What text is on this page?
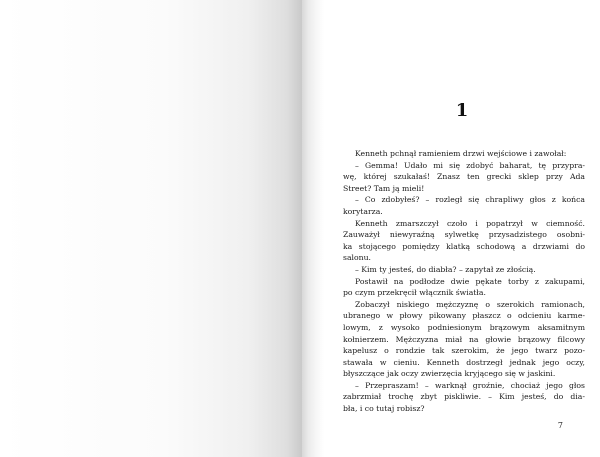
1
Kenneth pchnął ramieniem drzwi wejściowe i zawołał:
– Gemma! Udało mi się zdobyć baharat, tę przypra-
wę, której szukałaś! Znasz ten grecki sklep przy Ada
Street? Tam ją mieli!
– Co zdobyłeś? – rozległ się chrapliwy głos z końca
korytarza.
Kenneth zmarszczył czoło i popatrzył w ciemność.
Zauważył niewyraźną sylwetkę przysadzistego osobni-
ka stojącego pomiędzy klatką schodową a drzwiami do
salonu.
– Kim ty jesteś, do diabła? – zapytał ze złością.
Postawił na podłodze dwie pękate torby z zakupami,
po czym przekręcił włącznik światła.
Zobaczył niskiego mężczyznę o szerokich ramionach,
ubranego w płowy pikowany płaszcz o odcieniu karme-
lowym, z wysoko podniesionym brązowym aksamitnym
kołnierzem. Mężczyzna miał na głowie brązowy filcowy
kapelusz o rondzie tak szerokim, że jego twarz pozo-
stawała w cieniu. Kenneth dostrzegł jednak jego oczy,
błyszczące jak oczy zwierzęcia kryjącego się w jaskini.
– Przepraszam! – warknął groźnie, chociaż jego głos
zabrzmiał trochę zbyt piskliwie. – Kim jesteś, do dia-
bła, i co tutaj robisz?
7
